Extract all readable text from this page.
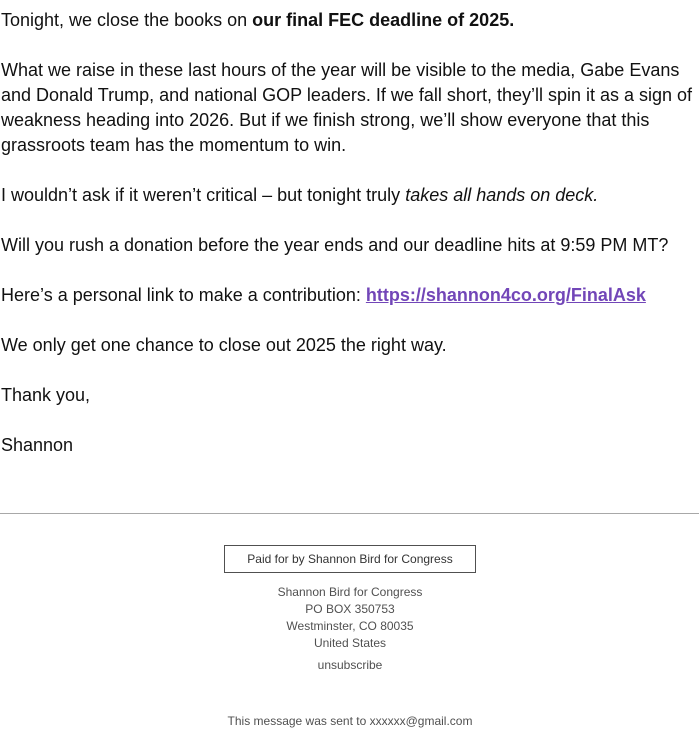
Tonight, we close the books on our final FEC deadline of 2025.

What we raise in these last hours of the year will be visible to the media, Gabe Evans and Donald Trump, and national GOP leaders. If we fall short, they’ll spin it as a sign of weakness heading into 2026. But if we finish strong, we’ll show everyone that this grassroots team has the momentum to win.

I wouldn’t ask if it weren’t critical – but tonight truly takes all hands on deck.

Will you rush a donation before the year ends and our deadline hits at 9:59 PM MT?

Here’s a personal link to make a contribution: https://shannon4co.org/FinalAsk

We only get one chance to close out 2025 the right way.

Thank you,

Shannon

Paid for by Shannon Bird for Congress
Shannon Bird for Congress
PO BOX 350753
Westminster, CO 80035
United States
unsubscribe
This message was sent to xxxxxx@gmail.com
